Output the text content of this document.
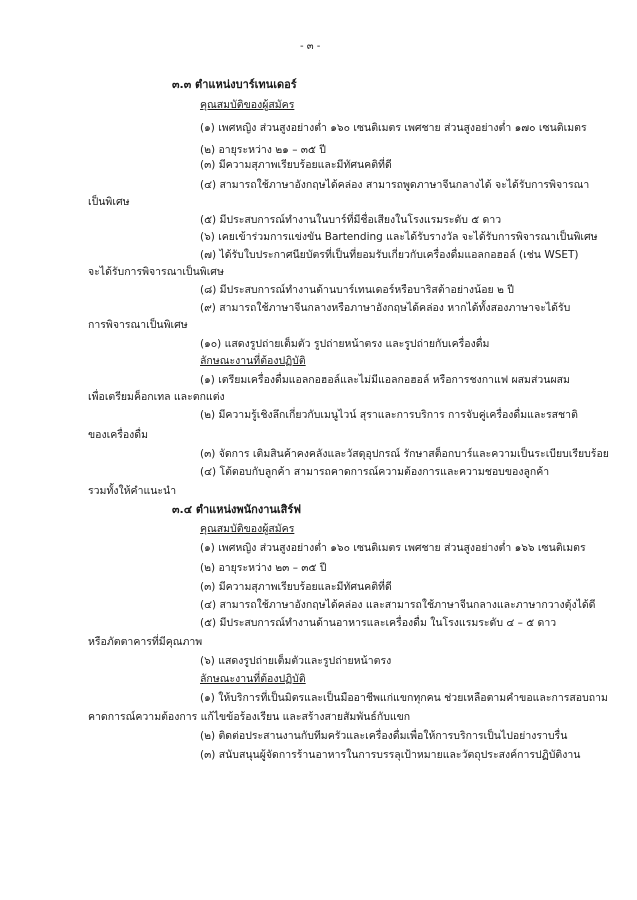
- ๓ -

๓.๓ ตำแหน่งบาร์เทนเดอร์

คุณสมบัติของผู้สมัคร

(๑) เพศหญิง ส่วนสูงอย่างต่ำ ๑๖๐ เซนติเมตร เพศชาย ส่วนสูงอย่างต่ำ ๑๗๐ เซนติเมตร

(๒) อายุระหว่าง ๒๑ – ๓๕ ปี

(๓) มีความสุภาพเรียบร้อยและมีทัศนคติที่ดี

(๔) สามารถใช้ภาษาอังกฤษได้คล่อง สามารถพูดภาษาจีนกลางได้ จะได้รับการพิจารณา

เป็นพิเศษ

(๕) มีประสบการณ์ทำงานในบาร์ที่มีชื่อเสียงในโรงแรมระดับ ๕ ดาว

(๖) เคยเข้าร่วมการแข่งขัน Bartending และได้รับรางวัล จะได้รับการพิจารณาเป็นพิเศษ

(๗) ได้รับใบประกาศนียบัตรที่เป็นที่ยอมรับเกี่ยวกับเครื่องดื่มแอลกอฮอล์ (เช่น WSET)

จะได้รับการพิจารณาเป็นพิเศษ

(๘) มีประสบการณ์ทำงานด้านบาร์เทนเดอร์หรือบาริสต้าอย่างน้อย ๒ ปี

(๙) สามารถใช้ภาษาจีนกลางหรือภาษาอังกฤษได้คล่อง หากได้ทั้งสองภาษาจะได้รับ

การพิจารณาเป็นพิเศษ

(๑๐) แสดงรูปถ่ายเต็มตัว รูปถ่ายหน้าตรง และรูปถ่ายกับเครื่องดื่ม

ลักษณะงานที่ต้องปฏิบัติ

(๑) เตรียมเครื่องดื่มแอลกอฮอล์และไม่มีแอลกอฮอล์ หรือการชงกาแฟ ผสมส่วนผสม

เพื่อเตรียมค็อกเทล และตกแต่ง

(๒) มีความรู้เชิงลึกเกี่ยวกับเมนูไวน์ สุราและการบริการ การจับคู่เครื่องดื่มและรสชาติ

ของเครื่องดื่ม

(๓) จัดการ เติมสินค้าคงคลังและวัสดุอุปกรณ์ รักษาสต็อกบาร์และความเป็นระเบียบเรียบร้อย

(๔) โต้ตอบกับลูกค้า สามารถคาดการณ์ความต้องการและความชอบของลูกค้า

รวมทั้งให้คำแนะนำ

๓.๔ ตำแหน่งพนักงานเสิร์ฟ

คุณสมบัติของผู้สมัคร

(๑) เพศหญิง ส่วนสูงอย่างต่ำ ๑๖๐ เซนติเมตร เพศชาย ส่วนสูงอย่างต่ำ ๑๖๖ เซนติเมตร

(๒) อายุระหว่าง ๒๓ – ๓๕ ปี

(๓) มีความสุภาพเรียบร้อยและมีทัศนคติที่ดี

(๔) สามารถใช้ภาษาอังกฤษได้คล่อง และสามารถใช้ภาษาจีนกลางและภาษากวางตุ้งได้ดี

(๕) มีประสบการณ์ทำงานด้านอาหารและเครื่องดื่ม ในโรงแรมระดับ ๔ – ๕ ดาว

หรือภัตตาคารที่มีคุณภาพ

(๖) แสดงรูปถ่ายเต็มตัวและรูปถ่ายหน้าตรง

ลักษณะงานที่ต้องปฏิบัติ

(๑) ให้บริการที่เป็นมิตรและเป็นมืออาชีพแก่แขกทุกคน ช่วยเหลือตามคำขอและการสอบถาม

คาดการณ์ความต้องการ แก้ไขข้อร้องเรียน และสร้างสายสัมพันธ์กับแขก

(๒) ติดต่อประสานงานกับทีมครัวและเครื่องดื่มเพื่อให้การบริการเป็นไปอย่างราบรื่น

(๓) สนับสนุนผู้จัดการร้านอาหารในการบรรลุเป้าหมายและวัตถุประสงค์การปฏิบัติงาน
